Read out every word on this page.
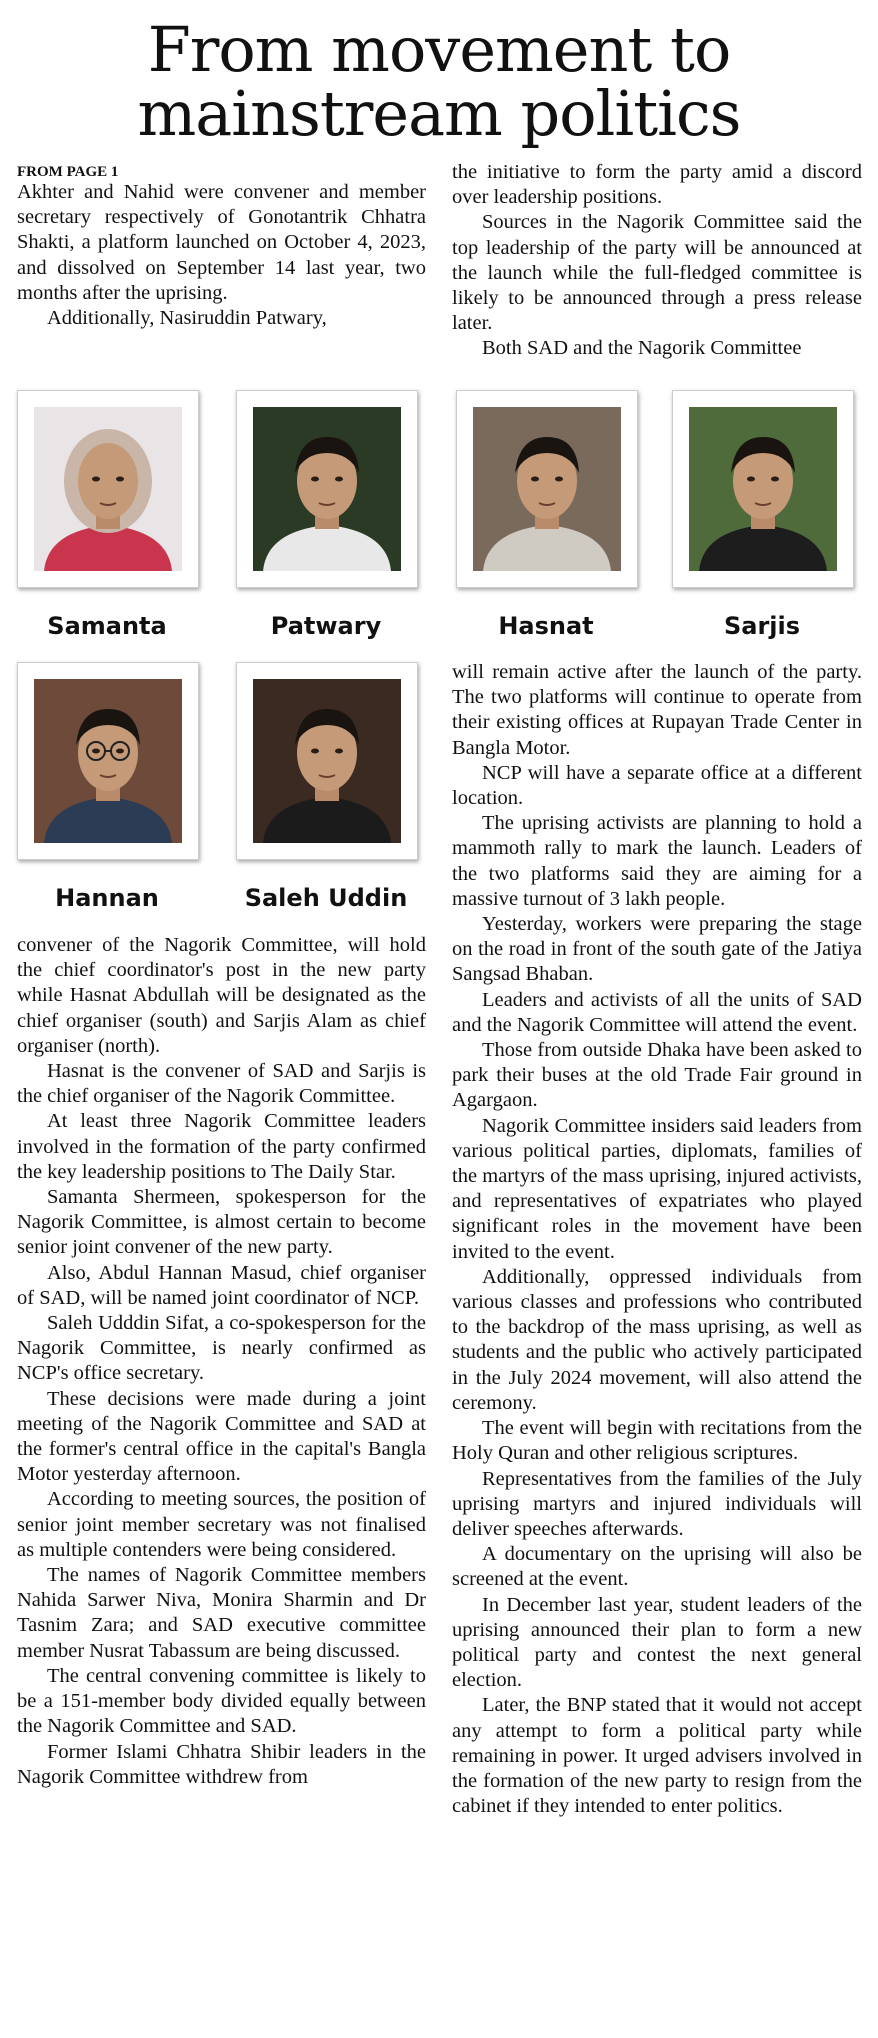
From movement to mainstream politics
FROM PAGE 1

Akhter and Nahid were convener and member secretary respectively of Gonotantrik Chhatra Shakti, a platform launched on October 4, 2023, and dissolved on September 14 last year, two months after the uprising.

Additionally, Nasiruddin Patwary,

the initiative to form the party amid a discord over leadership positions.

Sources in the Nagorik Committee said the top leadership of the party will be announced at the launch while the full-fledged committee is likely to be announced through a press release later.

Both SAD and the Nagorik Committee

Samanta	Patwary	Hasnat	Sarjis
Hannan	Saleh Uddin

convener of the Nagorik Committee, will hold the chief coordinator's post in the new party while Hasnat Abdullah will be designated as the chief organiser (south) and Sarjis Alam as chief organiser (north).

Hasnat is the convener of SAD and Sarjis is the chief organiser of the Nagorik Committee.

At least three Nagorik Committee leaders involved in the formation of the party confirmed the key leadership positions to The Daily Star.

Samanta Shermeen, spokesperson for the Nagorik Committee, is almost certain to become senior joint convener of the new party.

Also, Abdul Hannan Masud, chief organiser of SAD, will be named joint coordinator of NCP.

Saleh Udddin Sifat, a co-spokesperson for the Nagorik Committee, is nearly confirmed as NCP's office secretary.

These decisions were made during a joint meeting of the Nagorik Committee and SAD at the former's central office in the capital's Bangla Motor yesterday afternoon.

According to meeting sources, the position of senior joint member secretary was not finalised as multiple contenders were being considered.

The names of Nagorik Committee members Nahida Sarwer Niva, Monira Sharmin and Dr Tasnim Zara; and SAD executive committee member Nusrat Tabassum are being discussed.

The central convening committee is likely to be a 151-member body divided equally between the Nagorik Committee and SAD.

Former Islami Chhatra Shibir leaders in the Nagorik Committee withdrew from

will remain active after the launch of the party. The two platforms will continue to operate from their existing offices at Rupayan Trade Center in Bangla Motor.

NCP will have a separate office at a different location.

The uprising activists are planning to hold a mammoth rally to mark the launch. Leaders of the two platforms said they are aiming for a massive turnout of 3 lakh people.

Yesterday, workers were preparing the stage on the road in front of the south gate of the Jatiya Sangsad Bhaban.

Leaders and activists of all the units of SAD and the Nagorik Committee will attend the event.

Those from outside Dhaka have been asked to park their buses at the old Trade Fair ground in Agargaon.

Nagorik Committee insiders said leaders from various political parties, diplomats, families of the martyrs of the mass uprising, injured activists, and representatives of expatriates who played significant roles in the movement have been invited to the event.

Additionally, oppressed individuals from various classes and professions who contributed to the backdrop of the mass uprising, as well as students and the public who actively participated in the July 2024 movement, will also attend the ceremony.

The event will begin with recitations from the Holy Quran and other religious scriptures.

Representatives from the families of the July uprising martyrs and injured individuals will deliver speeches afterwards.

A documentary on the uprising will also be screened at the event.

In December last year, student leaders of the uprising announced their plan to form a new political party and contest the next general election.

Later, the BNP stated that it would not accept any attempt to form a political party while remaining in power. It urged advisers involved in the formation of the new party to resign from the cabinet if they intended to enter politics.
